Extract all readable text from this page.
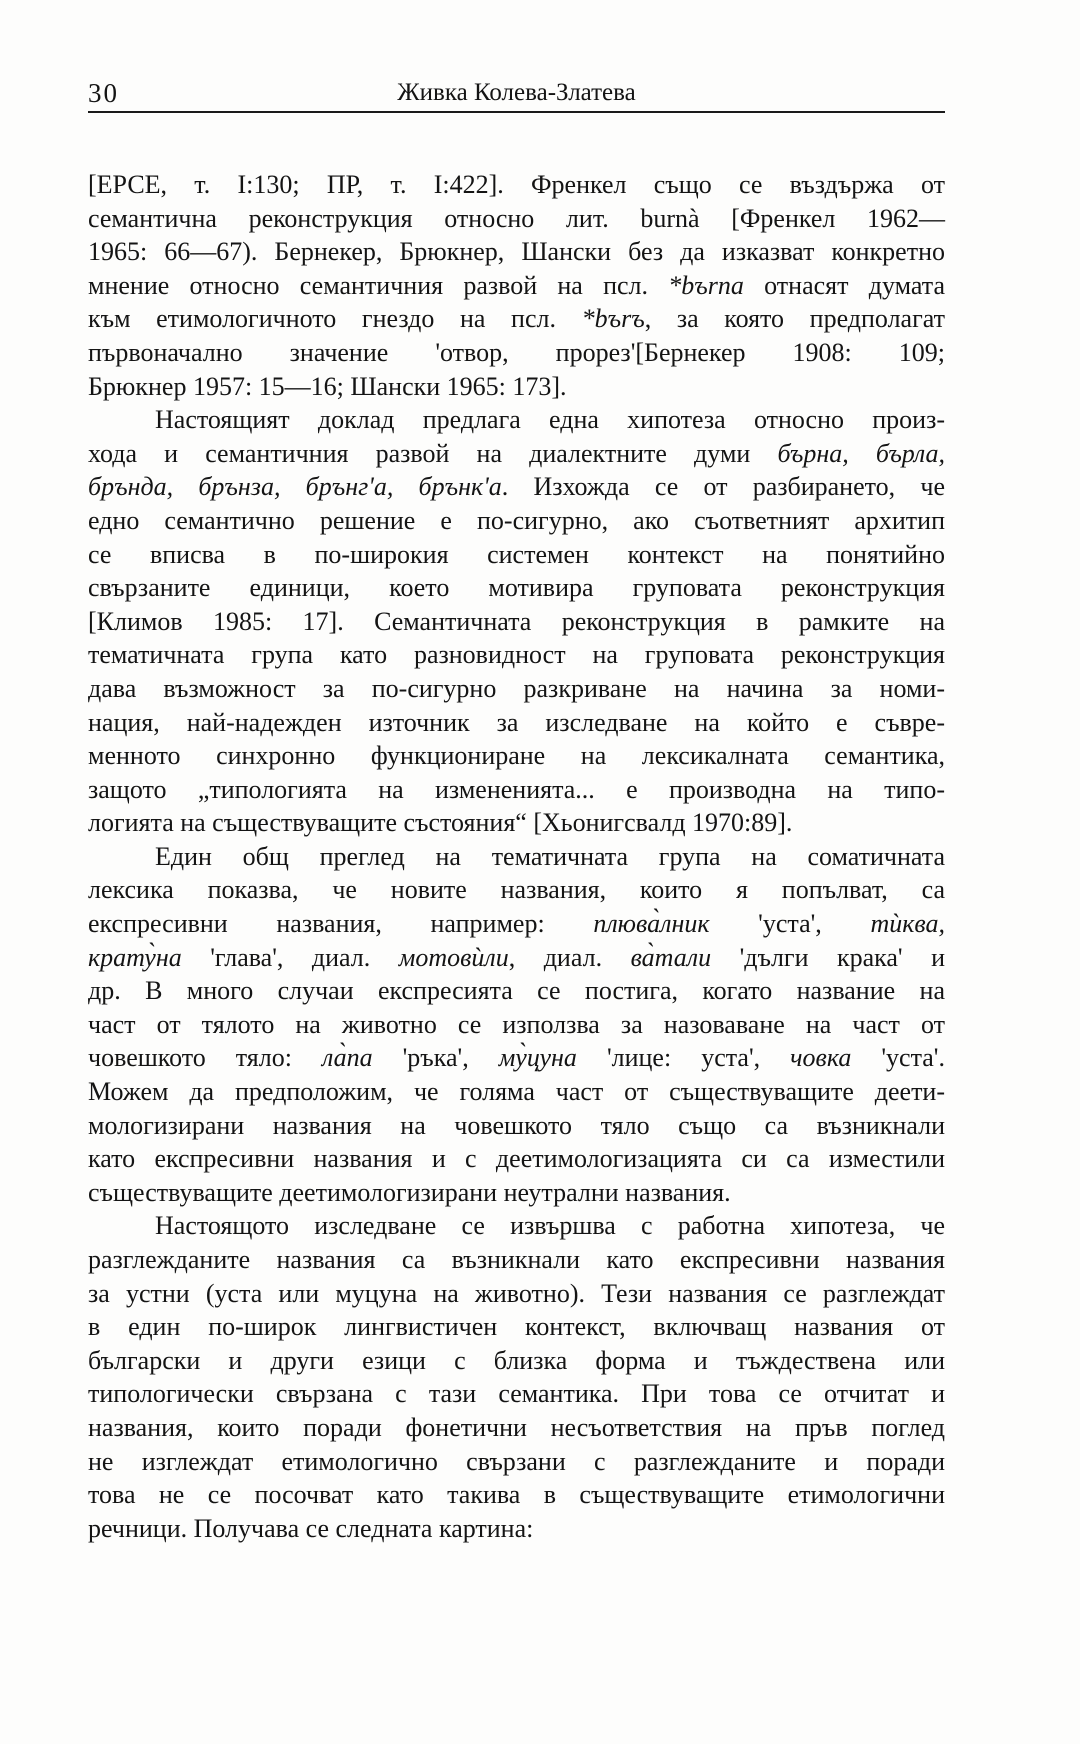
30	Живка Колева-Златева
[ЕРСЕ, т. I:130; ПР, т. I:422]. Френкел също се въздържа от
семантична реконструкция относно лит. burnà [Френкел 1962—
1965: 66—67). Бернекер, Брюкнер, Шански без да изказват конкретно
мнение относно семантичния развой на псл. *bъrna отнасят думата
към етимологичното гнездо на псл. *bъrъ, за която предполагат
първоначално значение 'отвор, прорез'[Бернекер 1908: 109;
Брюкнер 1957: 15—16; Шански 1965: 173].
Настоящият доклад предлага една хипотеза относно произ-
хода и семантичния развой на диалектните думи бърна, бърла,
брънда, брънза, брънг'а, брънк'а. Изхожда се от разбирането, че
едно семантично решение е по-сигурно, ако съответният архитип
се вписва в по-широкия системен контекст на понятийно
свързаните единици, което мотивира груповата реконструкция
[Климов 1985: 17]. Семантичната реконструкция в рамките на
тематичната група като разновидност на груповата реконструкция
дава възможност за по-сигурно разкриване на начина за номи-
нация, най-надежден източник за изследване на който е съвре-
менното синхронно функциониране на лексикалната семантика,
защото „типологията на измененията... е производна на типо-
логията на съществуващите състояния“ [Хьонигсвалд 1970:89].
Един общ преглед на тематичната група на соматичната
лексика показва, че новите названия, които я попълват, са
експресивни названия, например: плюва̀лник 'уста', тѝква,
крату̀на 'глава', диал. мотовѝли, диал. ва̀тали 'дълги крака' и
др. В много случаи експресията се постига, когато название на
част от тялото на животно се използва за назоваване на част от
човешкото тяло: ла̀па 'ръка', му̀цуна 'лице: уста', човка 'уста'.
Можем да предположим, че голяма част от съществуващите деети-
мологизирани названия на човешкото тяло също са възникнали
като експресивни названия и с деетимологизацията си са изместили
съществуващите деетимологизирани неутрални названия.
Настоящото изследване се извършва с работна хипотеза, че
разглежданите названия са възникнали като експресивни названия
за устни (уста или муцуна на животно). Тези названия се разглеждат
в един по-широк лингвистичен контекст, включващ названия от
български и други езици с близка форма и тъждествена или
типологически свързана с тази семантика. При това се отчитат и
названия, които поради фонетични несъответствия на пръв поглед
не изглеждат етимологично свързани с разглежданите и поради
това не се посочват като такива в съществуващите етимологични
речници. Получава се следната картина:
